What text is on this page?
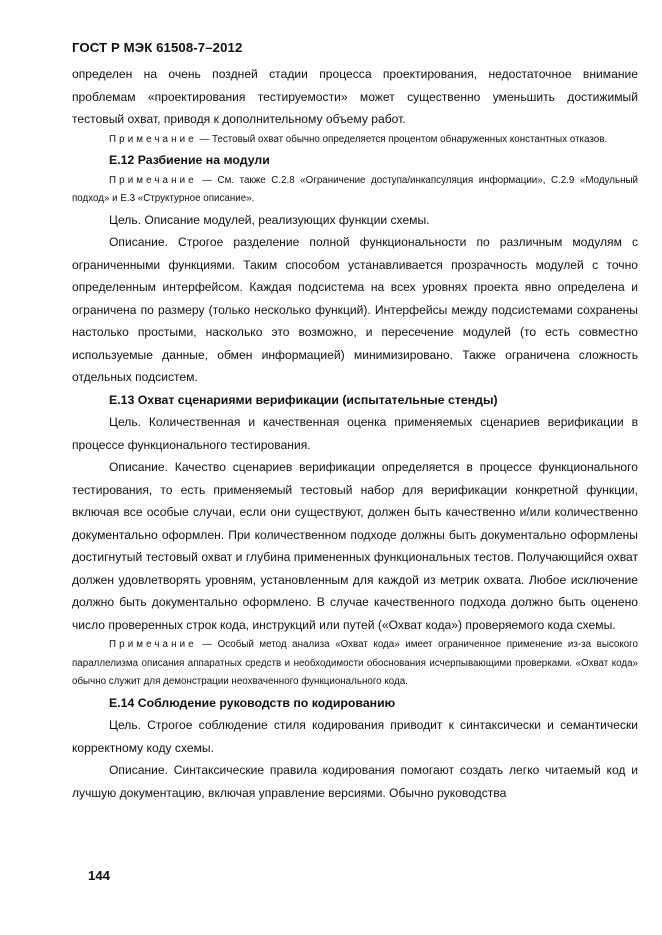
ГОСТ Р МЭК 61508-7–2012

определен на очень поздней стадии процесса проектирования, недостаточное внимание проблемам «проектирования тестируемости» может существенно уменьшить достижимый тестовый охват, приводя к дополнительному объему работ.

Примечание — Тестовый охват обычно определяется процентом обнаруженных константных отказов.

Е.12 Разбиение на модули

Примечание — См. также С.2.8 «Ограничение доступа/инкапсуляция информации», С.2.9 «Модульный подход» и Е.3 «Структурное описание».

Цель. Описание модулей, реализующих функции схемы.

Описание. Строгое разделение полной функциональности по различным модулям с ограниченными функциями. Таким способом устанавливается прозрачность модулей с точно определенным интерфейсом. Каждая подсистема на всех уровнях проекта явно определена и ограничена по размеру (только несколько функций). Интерфейсы между подсистемами сохранены настолько простыми, насколько это возможно, и пересечение модулей (то есть совместно используемые данные, обмен информацией) минимизировано. Также ограничена сложность отдельных подсистем.

Е.13 Охват сценариями верификации (испытательные стенды)

Цель. Количественная и качественная оценка применяемых сценариев верификации в процессе функционального тестирования.

Описание. Качество сценариев верификации определяется в процессе функционального тестирования, то есть применяемый тестовый набор для верификации конкретной функции, включая все особые случаи, если они существуют, должен быть качественно и/или количественно документально оформлен. При количественном подходе должны быть документально оформлены достигнутый тестовый охват и глубина примененных функциональных тестов. Получающийся охват должен удовлетворять уровням, установленным для каждой из метрик охвата. Любое исключение должно быть документально оформлено. В случае качественного подхода должно быть оценено число проверенных строк кода, инструкций или путей («Охват кода») проверяемого кода схемы.

Примечание — Особый метод анализа «Охват кода» имеет ограниченное применение из-за высокого параллелизма описания аппаратных средств и необходимости обоснования исчерпывающими проверками. «Охват кода» обычно служит для демонстрации неохваченного функционального кода.

Е.14 Соблюдение руководств по кодированию

Цель. Строгое соблюдение стиля кодирования приводит к синтаксически и семантически корректному коду схемы.

Описание. Синтаксические правила кодирования помогают создать легко читаемый код и лучшую документацию, включая управление версиями. Обычно руководства

144
